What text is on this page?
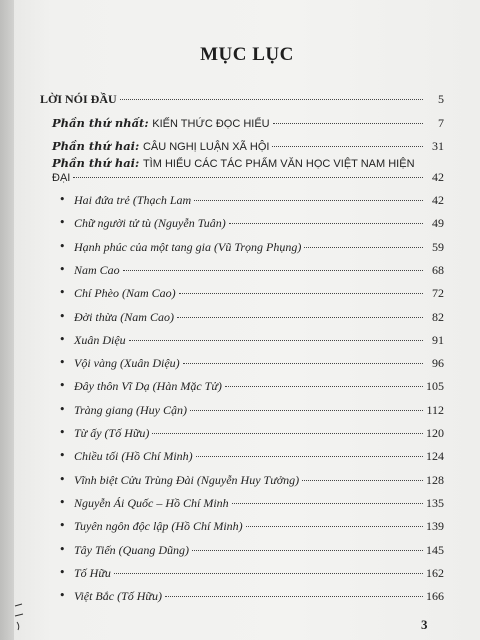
MỤC LỤC
LỜI NÓI ĐẦU	5
Phần thứ nhất: KIẾN THỨC ĐỌC HIỂU	7
Phần thứ hai: CÂU NGHỊ LUẬN XÃ HỘI	31
Phần thứ hai: TÌM HIỂU CÁC TÁC PHẨM VĂN HỌC VIỆT NAM HIỆN
ĐẠI	42
• Hai đứa trẻ (Thạch Lam	42
• Chữ người tử tù (Nguyễn Tuân)	49
• Hạnh phúc của một tang gia (Vũ Trọng Phụng)	59
• Nam Cao	68
• Chí Phèo (Nam Cao)	72
• Đời thừa (Nam Cao)	82
• Xuân Diệu	91
• Vội vàng (Xuân Diệu)	96
• Đây thôn Vĩ Dạ (Hàn Mặc Tử)	105
• Tràng giang (Huy Cận)	112
• Từ ấy (Tố Hữu)	120
• Chiều tối (Hồ Chí Minh)	124
• Vĩnh biệt Cửu Trùng Đài (Nguyễn Huy Tưởng)	128
• Nguyễn Ái Quốc – Hồ Chí Minh	135
• Tuyên ngôn độc lập (Hồ Chí Minh)	139
• Tây Tiến (Quang Dũng)	145
• Tố Hữu	162
• Việt Bắc (Tố Hữu)	166
3
